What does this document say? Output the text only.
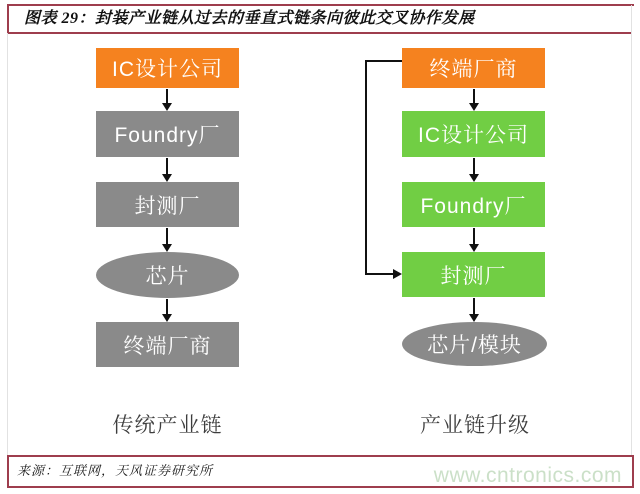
图表 29：封装产业链从过去的垂直式链条向彼此交叉协作发展
IC设计公司
Foundry厂
封测厂
芯片
终端厂商
终端厂商
IC设计公司
Foundry厂
封测厂
芯片/模块
传统产业链	产业链升级
来源：互联网，天风证券研究所	www.cntronics.com
